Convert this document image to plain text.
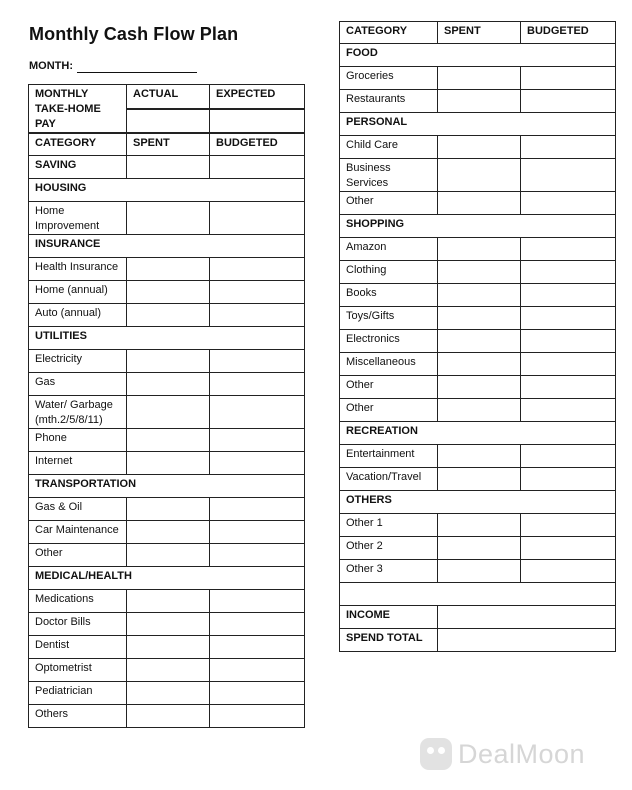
Monthly Cash Flow Plan
MONTH:
MONTHLY TAKE-HOME PAY	ACTUAL	EXPECTED

CATEGORY	SPENT	BUDGETED
SAVING		
HOUSING		
Home Improvement		
INSURANCE		
Health Insurance		
Home (annual)		
Auto (annual)		
UTILITIES		
Electricity		
Gas		
Water/ Garbage (mth.2/5/8/11)		
Phone		
Internet		
TRANSPORTATION		
Gas & Oil		
Car Maintenance		
Other		
MEDICAL/HEALTH		
Medications		
Doctor Bills		
Dentist		
Optometrist		
Pediatrician		
Others		
CATEGORY	SPENT	BUDGETED
FOOD		
Groceries		
Restaurants		
PERSONAL		
Child Care		
Business Services		
Other		
SHOPPING		
Amazon		
Clothing		
Books		
Toys/Gifts		
Electronics		
Miscellaneous		
Other		
Other		
RECREATION		
Entertainment		
Vacation/Travel		
OTHERS		
Other 1		
Other 2		
Other 3		

INCOME		
SPEND TOTAL		
DealMoon
